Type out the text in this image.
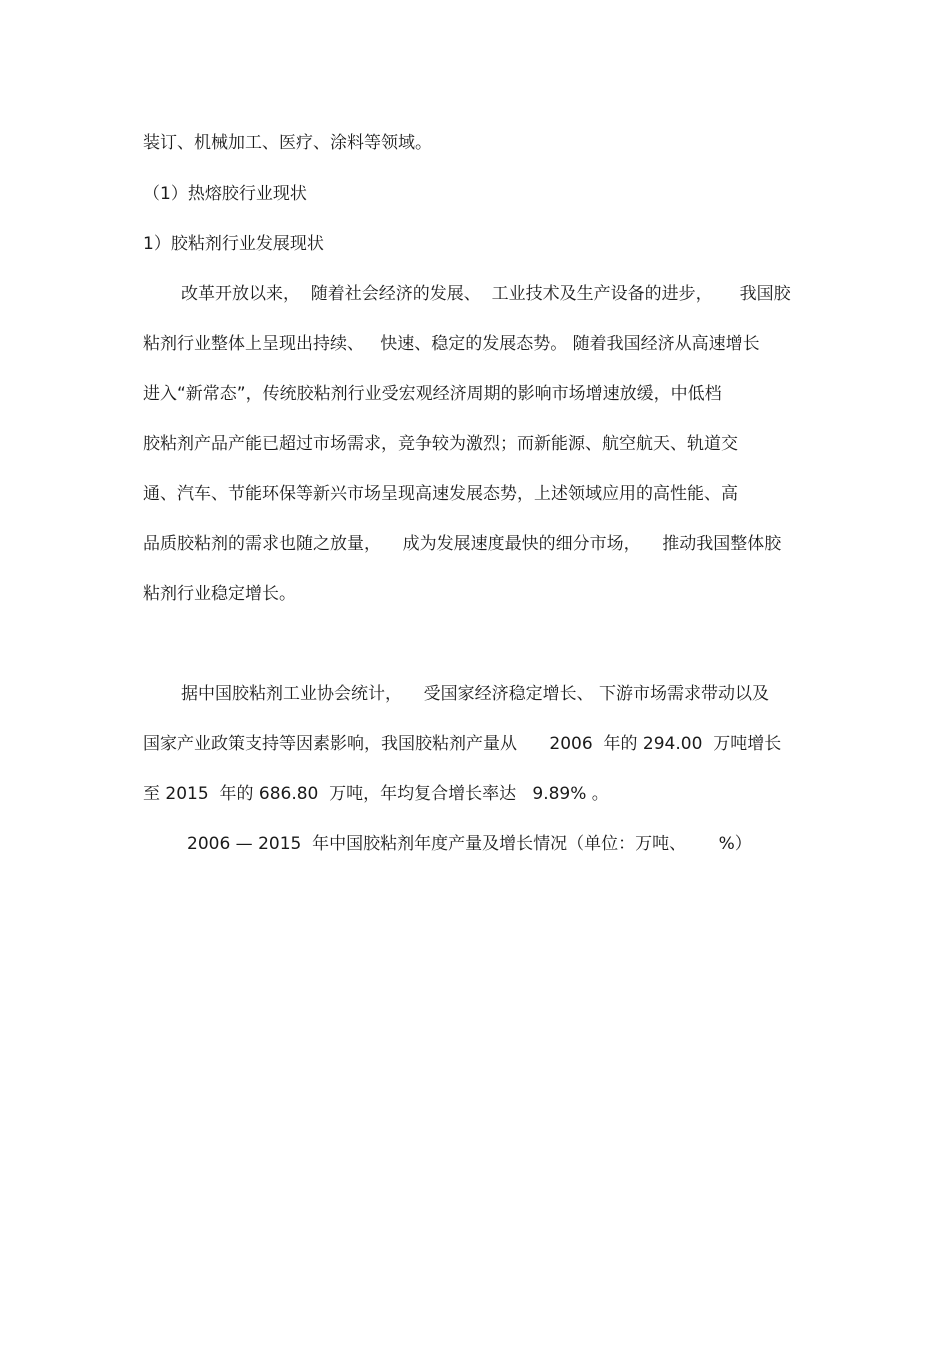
装订、机械加工、医疗、涂料等领域。

（1）热熔胶行业现状

1）胶粘剂行业发展现状

改革开放以来，  随着社会经济的发展、  工业技术及生产设备的进步，     我国胶

粘剂行业整体上呈现出持续、   快速、稳定的发展态势。 随着我国经济从高速增长

进入“新常态”，传统胶粘剂行业受宏观经济周期的影响市场增速放缓，中低档

胶粘剂产品产能已超过市场需求，竞争较为激烈；而新能源、航空航天、轨道交

通、汽车、节能环保等新兴市场呈现高速发展态势，上述领域应用的高性能、高

品质胶粘剂的需求也随之放量，    成为发展速度最快的细分市场，    推动我国整体胶

粘剂行业稳定增长。

据中国胶粘剂工业协会统计，    受国家经济稳定增长、 下游市场需求带动以及

国家产业政策支持等因素影响，我国胶粘剂产量从      2006  年的 294.00  万吨增长

至 2015  年的 686.80  万吨，年均复合增长率达   9.89% 。

2006 — 2015  年中国胶粘剂年度产量及增长情况（单位：万吨、      %）
